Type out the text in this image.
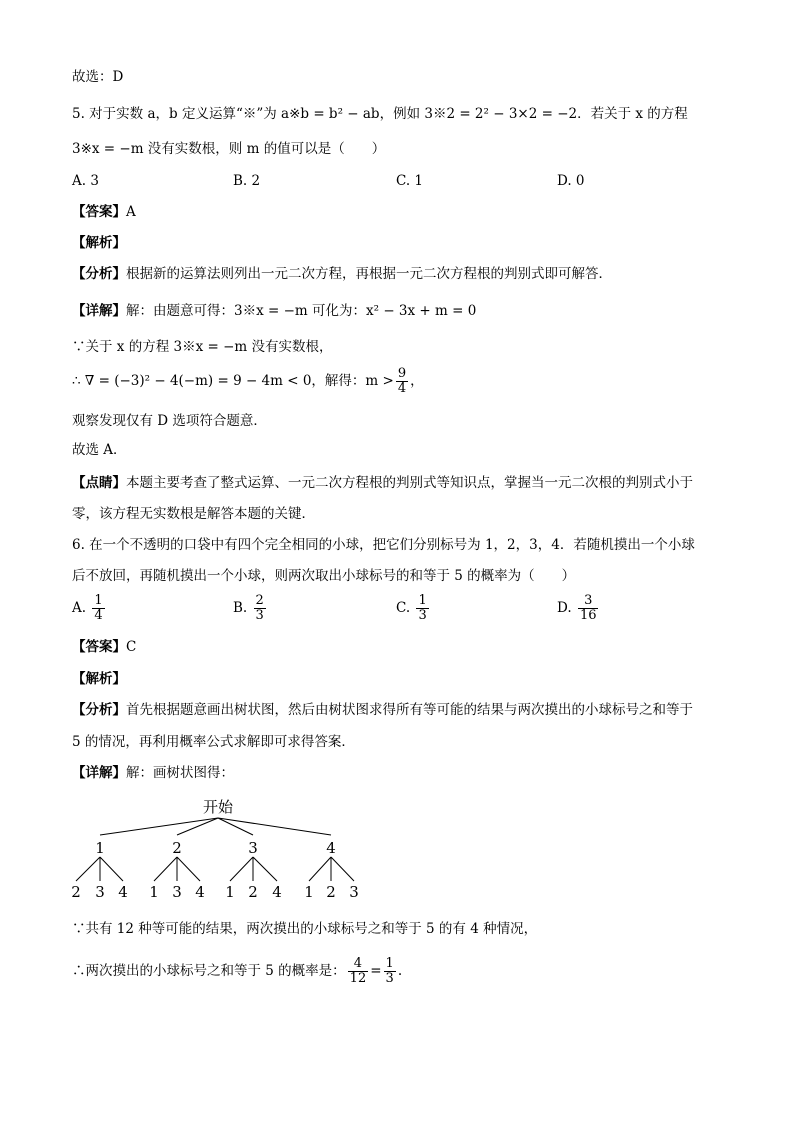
故选：D
5. 对于实数 a，b 定义运算“※”为 a※b = b² − ab，例如 3※2 = 2² − 3×2 = −2．若关于 x 的方程
3※x = −m 没有实数根，则 m 的值可以是（　　）
A. 3	B. 2	C. 1	D. 0
【答案】A
【解析】
【分析】根据新的运算法则列出一元二次方程，再根据一元二次方程根的判别式即可解答．
【详解】解：由题意可得：3※x = −m 可化为：x² − 3x + m = 0
∵关于 x 的方程 3※x = −m 没有实数根，
∴ ∇ = (−3)² − 4(−m) = 9 − 4m < 0，解得：$m > \frac{9}{4}$ ，
观察发现仅有 D 选项符合题意．
故选 A．
【点睛】本题主要考查了整式运算、一元二次方程根的判别式等知识点，掌握当一元二次根的判别式小于
零，该方程无实数根是解答本题的关键．
6. 在一个不透明的口袋中有四个完全相同的小球，把它们分别标号为 1，2，3，4．若随机摸出一个小球
后不放回，再随机摸出一个小球，则两次取出小球标号的和等于 5 的概率为（　　）
A. $\frac{1}{4}$	B. $\frac{2}{3}$	C. $\frac{1}{3}$	D. $\frac{3}{16}$
【答案】C
【解析】
【分析】首先根据题意画出树状图，然后由树状图求得所有等可能的结果与两次摸出的小球标号之和等于
5 的情况，再利用概率公式求解即可求得答案．
【详解】解：画树状图得：
开始
1	2	3	4
2 3 4 1 3 4 1 2 4 1 2 3
∵共有 12 种等可能的结果，两次摸出的小球标号之和等于 5 的有 4 种情况，
∴两次摸出的小球标号之和等于 5 的概率是： $\frac{4}{12} = \frac{1}{3}$ .
